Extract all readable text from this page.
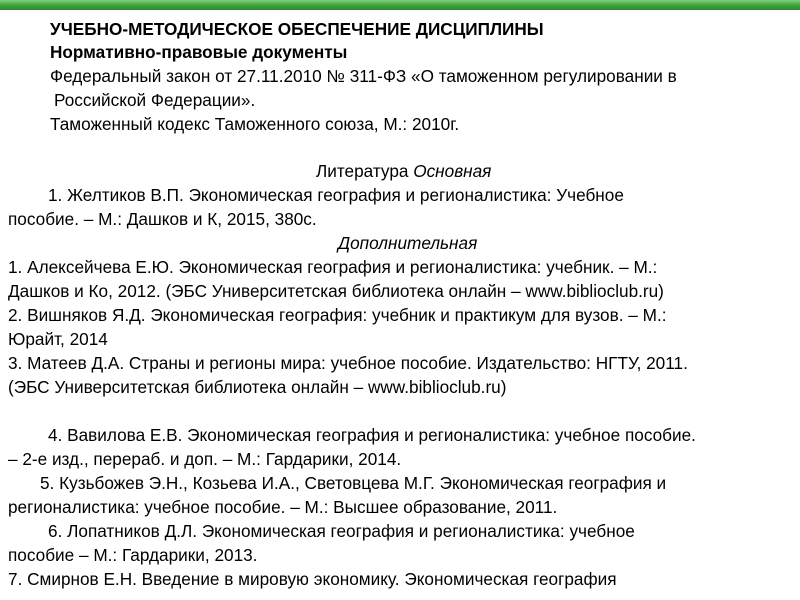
УЧЕБНО-МЕТОДИЧЕСКОЕ ОБЕСПЕЧЕНИЕ ДИСЦИПЛИНЫ
Нормативно-правовые документы
Федеральный закон от 27.11.2010 № 311-ФЗ «О таможенном регулировании в
Российской Федерации».
Таможенный кодекс Таможенного союза, М.: 2010г.
Литература Основная
1. Желтиков В.П. Экономическая география и регионалистика: Учебное
пособие. – М.: Дашков и К, 2015, 380с.
Дополнительная
1. Алексейчева Е.Ю. Экономическая география и регионалистика: учебник. – М.:
Дашков и Ко, 2012. (ЭБС Университетская библиотека онлайн – www.biblioclub.ru)
2. Вишняков Я.Д. Экономическая география: учебник и практикум для вузов. – М.:
Юрайт, 2014
3. Матеев Д.А. Страны и регионы мира: учебное пособие. Издательство: НГТУ, 2011.
(ЭБС Университетская библиотека онлайн – www.biblioclub.ru)
4. Вавилова Е.В. Экономическая география и регионалистика: учебное пособие.
– 2-е изд., перераб. и доп. – М.: Гардарики, 2014.
5. Кузьбожев Э.Н., Козьева И.А., Световцева М.Г. Экономическая география и
регионалистика: учебное пособие. – М.: Высшее образование, 2011.
6. Лопатников Д.Л. Экономическая география и регионалистика: учебное
пособие – М.: Гардарики, 2013.
7. Смирнов Е.Н. Введение в мировую экономику. Экономическая география
